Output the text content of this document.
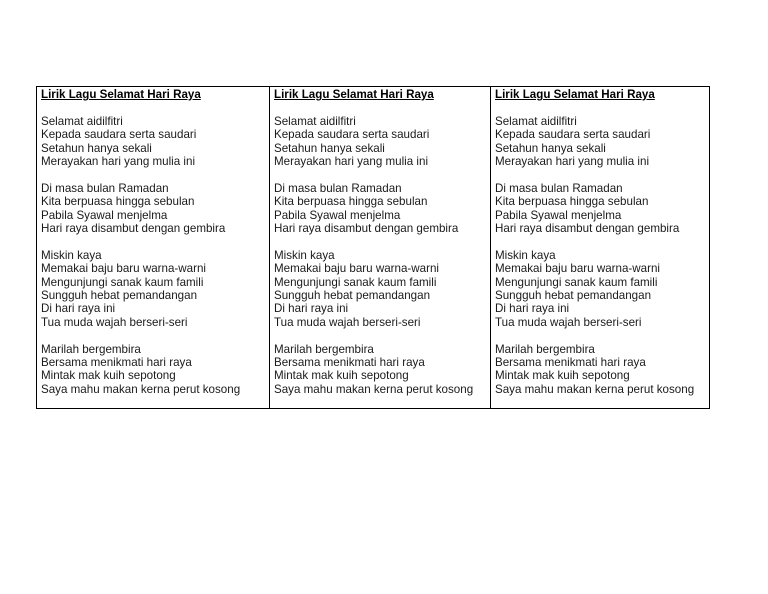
Lirik Lagu Selamat Hari Raya
Selamat aidilfitri
Kepada saudara serta saudari
Setahun hanya sekali
Merayakan hari yang mulia ini
Di masa bulan Ramadan
Kita berpuasa hingga sebulan
Pabila Syawal menjelma
Hari raya disambut dengan gembira
Miskin kaya
Memakai baju baru warna-warni
Mengunjungi sanak kaum famili
Sungguh hebat pemandangan
Di hari raya ini
Tua muda wajah berseri-seri
Marilah bergembira
Bersama menikmati hari raya
Mintak mak kuih sepotong
Saya mahu makan kerna perut kosong
Lirik Lagu Selamat Hari Raya
Selamat aidilfitri
Kepada saudara serta saudari
Setahun hanya sekali
Merayakan hari yang mulia ini
Di masa bulan Ramadan
Kita berpuasa hingga sebulan
Pabila Syawal menjelma
Hari raya disambut dengan gembira
Miskin kaya
Memakai baju baru warna-warni
Mengunjungi sanak kaum famili
Sungguh hebat pemandangan
Di hari raya ini
Tua muda wajah berseri-seri
Marilah bergembira
Bersama menikmati hari raya
Mintak mak kuih sepotong
Saya mahu makan kerna perut kosong
Lirik Lagu Selamat Hari Raya
Selamat aidilfitri
Kepada saudara serta saudari
Setahun hanya sekali
Merayakan hari yang mulia ini
Di masa bulan Ramadan
Kita berpuasa hingga sebulan
Pabila Syawal menjelma
Hari raya disambut dengan gembira
Miskin kaya
Memakai baju baru warna-warni
Mengunjungi sanak kaum famili
Sungguh hebat pemandangan
Di hari raya ini
Tua muda wajah berseri-seri
Marilah bergembira
Bersama menikmati hari raya
Mintak mak kuih sepotong
Saya mahu makan kerna perut kosong
